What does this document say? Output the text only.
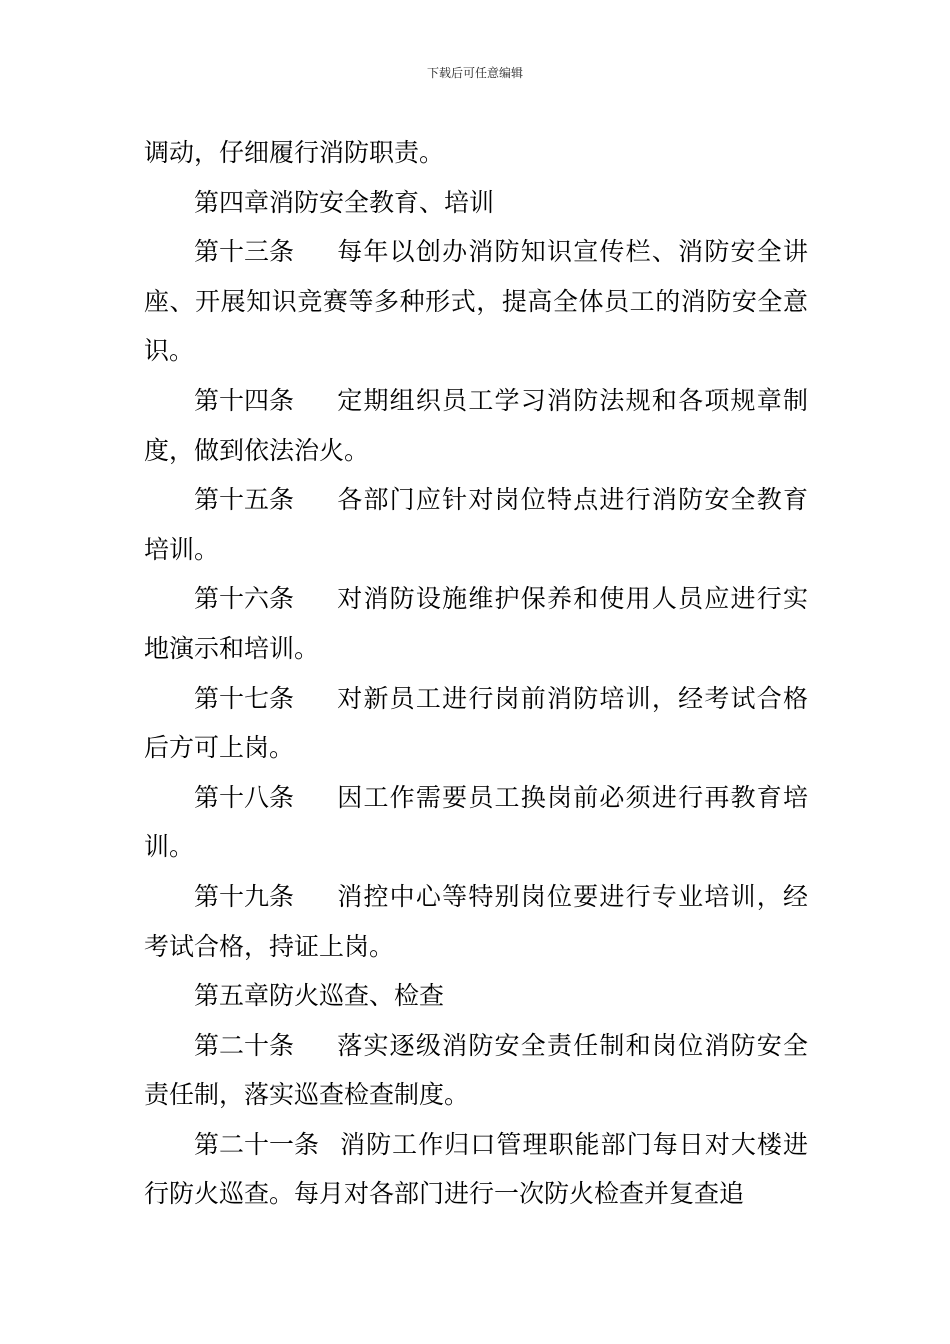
下载后可任意编辑

调动，仔细履行消防职责。

第四章消防安全教育、培训

第十三条 每年以创办消防知识宣传栏、消防安全讲座、开展知识竞赛等多种形式，提高全体员工的消防安全意识。

第十四条 定期组织员工学习消防法规和各项规章制度，做到依法治火。

第十五条 各部门应针对岗位特点进行消防安全教育培训。

第十六条 对消防设施维护保养和使用人员应进行实地演示和培训。

第十七条 对新员工进行岗前消防培训，经考试合格后方可上岗。

第十八条 因工作需要员工换岗前必须进行再教育培训。

第十九条 消控中心等特别岗位要进行专业培训，经考试合格，持证上岗。

第五章防火巡查、检查

第二十条 落实逐级消防安全责任制和岗位消防安全责任制，落实巡查检查制度。

第二十一条 消防工作归口管理职能部门每日对大楼进行防火巡查。每月对各部门进行一次防火检查并复查追
